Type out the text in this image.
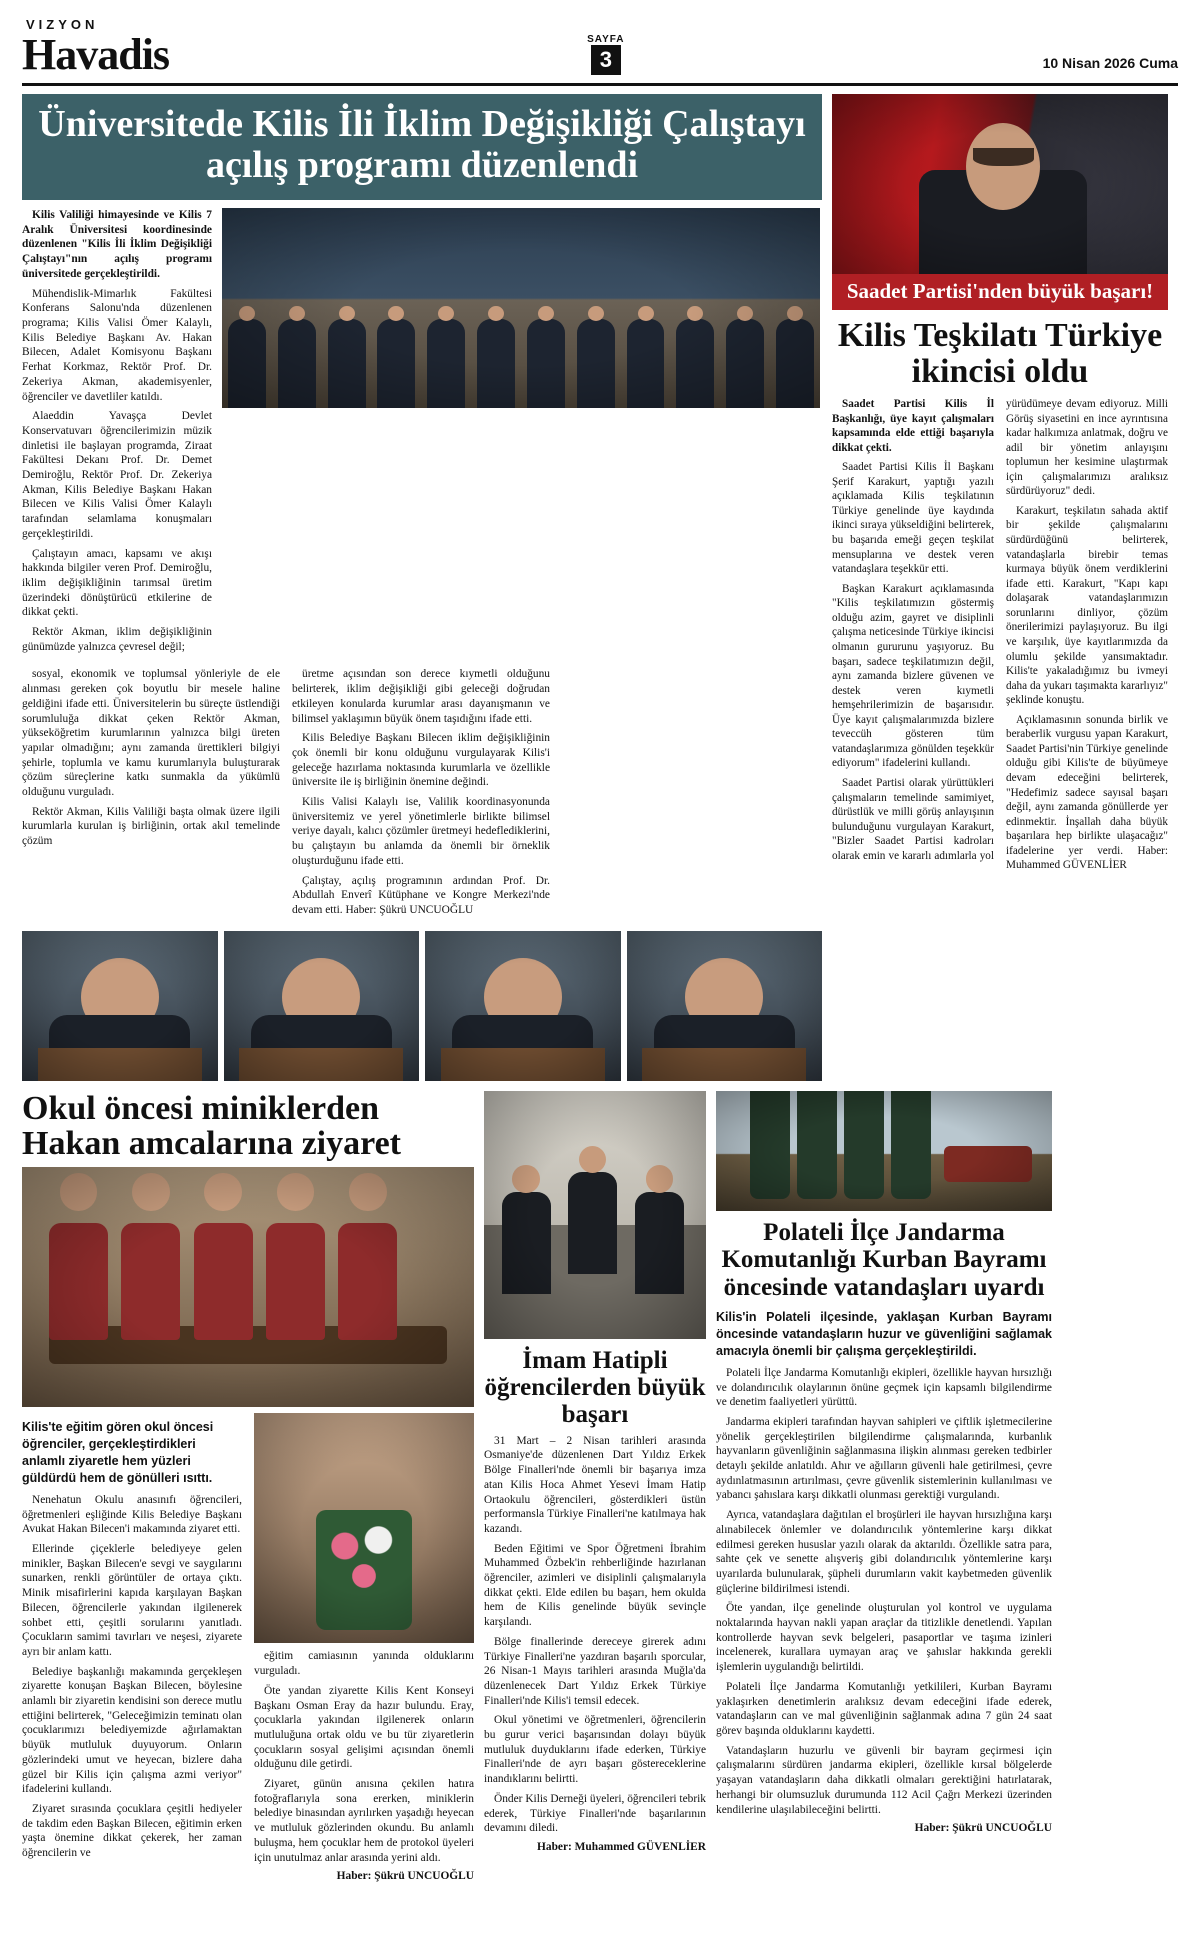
VIZYON
Havadis	SAYFA
3	10 Nisan 2026 Cuma
Üniversitede Kilis İli İklim Değişikliği Çalıştayı açılış programı düzenlendi

Kilis Valiliği himayesinde ve Kilis 7 Aralık Üniversitesi koordinesinde düzenlenen "Kilis İli İklim Değişikliği Çalıştayı"nın açılış programı üniversitede gerçekleştirildi.

Mühendislik-Mimarlık Fakültesi Konferans Salonu'nda düzenlenen programa; Kilis Valisi Ömer Kalaylı, Kilis Belediye Başkanı Av. Hakan Bilecen, Adalet Komisyonu Başkanı Ferhat Korkmaz, Rektör Prof. Dr. Zekeriya Akman, akademisyenler, öğrenciler ve davetliler katıldı.

Alaeddin Yavaşça Devlet Konservatuvarı öğrencilerimizin müzik dinletisi ile başlayan programda, Ziraat Fakültesi Dekanı Prof. Dr. Demet Demiroğlu, Rektör Prof. Dr. Zekeriya Akman, Kilis Belediye Başkanı Hakan Bilecen ve Kilis Valisi Ömer Kalaylı tarafından selamlama konuşmaları gerçekleştirildi.

Çalıştayın amacı, kapsamı ve akışı hakkında bilgiler veren Prof. Demiroğlu, iklim değişikliğinin tarımsal üretim üzerindeki dönüştürücü etkilerine de dikkat çekti.

Rektör Akman, iklim değişikliğinin günümüzde yalnızca çevresel değil;

sosyal, ekonomik ve toplumsal yönleriyle de ele alınması gereken çok boyutlu bir mesele haline geldiğini ifade etti. Üniversitelerin bu süreçte üstlendiği sorumluluğa dikkat çeken Rektör Akman, yükseköğretim kurumlarının yalnızca bilgi üreten yapılar olmadığını; aynı zamanda ürettikleri bilgiyi şehirle, toplumla ve kamu kurumlarıyla buluşturarak çözüm süreçlerine katkı sunmakla da yükümlü olduğunu vurguladı.

Rektör Akman, Kilis Valiliği başta olmak üzere ilgili kurumlarla kurulan iş birliğinin, ortak akıl temelinde çözüm

üretme açısından son derece kıymetli olduğunu belirterek, iklim değişikliği gibi geleceği doğrudan etkileyen konularda kurumlar arası dayanışmanın ve bilimsel yaklaşımın büyük önem taşıdığını ifade etti.

Kilis Belediye Başkanı Bilecen iklim değişikliğinin çok önemli bir konu olduğunu vurgulayarak Kilis'i geleceğe hazırlama noktasında kurumlarla ve özellikle üniversite ile iş birliğinin önemine değindi.

Kilis Valisi Kalaylı ise, Valilik koordinasyonunda üniversitemiz ve yerel yönetimlerle birlikte bilimsel veriye dayalı, kalıcı çözümler üretmeyi hedeflediklerini, bu çalıştayın bu anlamda da önemli bir örneklik oluşturduğunu ifade etti.

Çalıştay, açılış programının ardından Prof. Dr. Abdullah Enverî Kütüphane ve Kongre Merkezi'nde devam etti. Haber: Şükrü UNCUOĞLU

Saadet Partisi'nden büyük başarı!
Kilis Teşkilatı Türkiye ikincisi oldu

Saadet Partisi Kilis İl Başkanlığı, üye kayıt çalışmaları kapsamında elde ettiği başarıyla dikkat çekti.

Saadet Partisi Kilis İl Başkanı Şerif Karakurt, yaptığı yazılı açıklamada Kilis teşkilatının Türkiye genelinde üye kaydında ikinci sıraya yükseldiğini belirterek, bu başarıda emeği geçen teşkilat mensuplarına ve destek veren vatandaşlara teşekkür etti.

Başkan Karakurt açıklamasında "Kilis teşkilatımızın göstermiş olduğu azim, gayret ve disiplinli çalışma neticesinde Türkiye ikincisi olmanın gururunu yaşıyoruz. Bu başarı, sadece teşkilatımızın değil, aynı zamanda bizlere güvenen ve destek veren kıymetli hemşehrilerimizin de başarısıdır. Üye kayıt çalışmalarımızda bizlere teveccüh gösteren tüm vatandaşlarımıza gönülden teşekkür ediyorum" ifadelerini kullandı.

Saadet Partisi olarak yürüttükleri çalışmaların temelinde samimiyet, dürüstlük ve milli görüş anlayışının bulunduğunu vurgulayan Karakurt, "Bizler Saadet Partisi kadroları olarak emin ve kararlı adımlarla yol yürüdümeye devam ediyoruz. Milli Görüş siyasetini en ince ayrıntısına kadar halkımıza anlatmak, doğru ve adil bir yönetim anlayışını toplumun her kesimine ulaştırmak için çalışmalarımızı aralıksız sürdürüyoruz" dedi.

Karakurt, teşkilatın sahada aktif bir şekilde çalışmalarını sürdürdüğünü belirterek, vatandaşlarla birebir temas kurmaya büyük önem verdiklerini ifade etti. Karakurt, "Kapı kapı dolaşarak vatandaşlarımızın sorunlarını dinliyor, çözüm önerilerimizi paylaşıyoruz. Bu ilgi ve karşılık, üye kayıtlarımızda da olumlu şekilde yansımaktadır. Kilis'te yakaladığımız bu ivmeyi daha da yukarı taşımakta kararlıyız" şeklinde konuştu.

Açıklamasının sonunda birlik ve beraberlik vurgusu yapan Karakurt, Saadet Partisi'nin Türkiye genelinde olduğu gibi Kilis'te de büyümeye devam edeceğini belirterek, "Hedefimiz sadece sayısal başarı değil, aynı zamanda gönüllerde yer edinmektir. İnşallah daha büyük başarılara hep birlikte ulaşacağız" ifadelerine yer verdi. Haber: Muhammed GÜVENLİER

Okul öncesi miniklerden Hakan amcalarına ziyaret
Kilis'te eğitim gören okul öncesi öğrenciler, gerçekleştirdikleri anlamlı ziyaretle hem yüzleri güldürdü hem de gönülleri ısıttı.

Nenehatun Okulu anasınıfı öğrencileri, öğretmenleri eşliğinde Kilis Belediye Başkanı Avukat Hakan Bilecen'i makamında ziyaret etti.

Ellerinde çiçeklerle belediyeye gelen minikler, Başkan Bilecen'e sevgi ve saygılarını sunarken, renkli görüntüler de ortaya çıktı. Minik misafirlerini kapıda karşılayan Başkan Bilecen, öğrencilerle yakından ilgilenerek sohbet etti, çeşitli sorularını yanıtladı. Çocukların samimi tavırları ve neşesi, ziyarete ayrı bir anlam kattı.

Belediye başkanlığı makamında gerçekleşen ziyarette konuşan Başkan Bilecen, böylesine anlamlı bir ziyaretin kendisini son derece mutlu ettiğini belirterek, "Geleceğimizin teminatı olan çocuklarımızı belediyemizde ağırlamaktan büyük mutluluk duyuyorum. Onların gözlerindeki umut ve heyecan, bizlere daha güzel bir Kilis için çalışma azmi veriyor" ifadelerini kullandı.

Ziyaret sırasında çocuklara çeşitli hediyeler de takdim eden Başkan Bilecen, eğitimin erken yaşta önemine dikkat çekerek, her zaman öğrencilerin ve

eğitim camiasının yanında olduklarını vurguladı.

Öte yandan ziyarette Kilis Kent Konseyi Başkanı Osman Eray da hazır bulundu. Eray, çocuklarla yakından ilgilenerek onların mutluluğuna ortak oldu ve bu tür ziyaretlerin çocukların sosyal gelişimi açısından önemli olduğunu dile getirdi.

Ziyaret, günün anısına çekilen hatıra fotoğraflarıyla sona ererken, miniklerin belediye binasından ayrılırken yaşadığı heyecan ve mutluluk gözlerinden okundu. Bu anlamlı buluşma, hem çocuklar hem de protokol üyeleri için unutulmaz anlar arasında yerini aldı.

Haber: Şükrü UNCUOĞLU

İmam Hatipli öğrencilerden büyük başarı

31 Mart – 2 Nisan tarihleri arasında Osmaniye'de düzenlenen Dart Yıldız Erkek Bölge Finalleri'nde önemli bir başarıya imza atan Kilis Hoca Ahmet Yesevi İmam Hatip Ortaokulu öğrencileri, gösterdikleri üstün performansla Türkiye Finalleri'ne katılmaya hak kazandı.

Beden Eğitimi ve Spor Öğretmeni İbrahim Muhammed Özbek'in rehberliğinde hazırlanan öğrenciler, azimleri ve disiplinli çalışmalarıyla dikkat çekti. Elde edilen bu başarı, hem okulda hem de Kilis genelinde büyük sevinçle karşılandı.

Bölge finallerinde dereceye girerek adını Türkiye Finalleri'ne yazdıran başarılı sporcular, 26 Nisan-1 Mayıs tarihleri arasında Muğla'da düzenlenecek Dart Yıldız Erkek Türkiye Finalleri'nde Kilis'i temsil edecek.

Okul yönetimi ve öğretmenleri, öğrencilerin bu gurur verici başarısından dolayı büyük mutluluk duyduklarını ifade ederken, Türkiye Finalleri'nde de ayrı başarı göstereceklerine inandıklarını belirtti.

Önder Kilis Derneği üyeleri, öğrencileri tebrik ederek, Türkiye Finalleri'nde başarılarının devamını diledi.

Haber: Muhammed GÜVENLİER

Polateli İlçe Jandarma Komutanlığı Kurban Bayramı öncesinde vatandaşları uyardı
Kilis'in Polateli ilçesinde, yaklaşan Kurban Bayramı öncesinde vatandaşların huzur ve güvenliğini sağlamak amacıyla önemli bir çalışma gerçekleştirildi.

Polateli İlçe Jandarma Komutanlığı ekipleri, özellikle hayvan hırsızlığı ve dolandırıcılık olaylarının önüne geçmek için kapsamlı bilgilendirme ve denetim faaliyetleri yürüttü.

Jandarma ekipleri tarafından hayvan sahipleri ve çiftlik işletmecilerine yönelik gerçekleştirilen bilgilendirme çalışmalarında, kurbanlık hayvanların güvenliğinin sağlanmasına ilişkin alınması gereken tedbirler detaylı şekilde anlatıldı. Ahır ve ağılların güvenli hale getirilmesi, çevre aydınlatmasının artırılması, çevre güvenlik sistemlerinin kullanılması ve yabancı şahıslara karşı dikkatli olunması gerektiği vurgulandı.

Ayrıca, vatandaşlara dağıtılan el broşürleri ile hayvan hırsızlığına karşı alınabilecek önlemler ve dolandırıcılık yöntemlerine karşı dikkat edilmesi gereken hususlar yazılı olarak da aktarıldı. Özellikle satra para, sahte çek ve senette alışveriş gibi dolandırıcılık yöntemlerine karşı uyarılarda bulunularak, şüpheli durumların vakit kaybetmeden güvenlik güçlerine bildirilmesi istendi.

Öte yandan, ilçe genelinde oluşturulan yol kontrol ve uygulama noktalarında hayvan nakli yapan araçlar da titizlikle denetlendi. Yapılan kontrollerde hayvan sevk belgeleri, pasaportlar ve taşıma izinleri incelenerek, kurallara uymayan araç ve şahıslar hakkında gerekli işlemlerin uygulandığı belirtildi.

Polateli İlçe Jandarma Komutanlığı yetkilileri, Kurban Bayramı yaklaşırken denetimlerin aralıksız devam edeceğini ifade ederek, vatandaşların can ve mal güvenliğinin sağlanmak adına 7 gün 24 saat görev başında olduklarını kaydetti.

Vatandaşların huzurlu ve güvenli bir bayram geçirmesi için çalışmalarını sürdüren jandarma ekipleri, özellikle kırsal bölgelerde yaşayan vatandaşların daha dikkatli olmaları gerektiğini hatırlatarak, herhangi bir olumsuzluk durumunda 112 Acil Çağrı Merkezi üzerinden kendilerine ulaşılabileceğini belirtti.

Haber: Şükrü UNCUOĞLU
